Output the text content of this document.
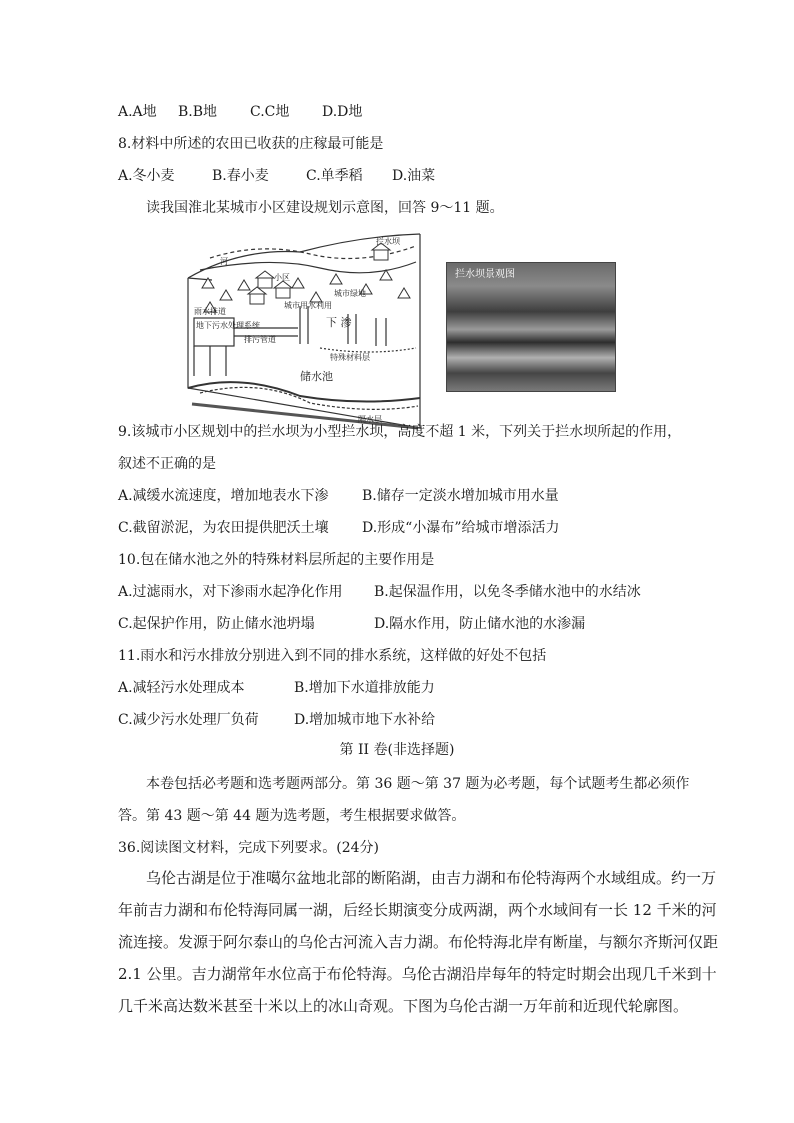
A.A地 B.B地 C.C地 D.D地
8.材料中所述的农田已收获的庄稼最可能是
A.冬小麦	B.春小麦	C.单季稻 D.油菜
读我国淮北某城市小区建设规划示意图，回答 9～11 题。
河
拦水坝
小区
城市绿地
城市用水利用
雨水排道
地下污水处理系统
排污管道
下 渗
特殊材料层
储水池
隔水层
拦水坝景观图
9.该城市小区规划中的拦水坝为小型拦水坝，高度不超 1 米，下列关于拦水坝所起的作用，
叙述不正确的是
A.减缓水流速度，增加地表水下渗 B.储存一定淡水增加城市用水量
C.截留淤泥，为农田提供肥沃土壤 D.形成“小瀑布”给城市增添活力
10.包在储水池之外的特殊材料层所起的主要作用是
A.过滤雨水，对下渗雨水起净化作用 B.起保温作用，以免冬季储水池中的水结冰
C.起保护作用，防止储水池坍塌	D.隔水作用，防止储水池的水渗漏
11.雨水和污水排放分别进入到不同的排水系统，这样做的好处不包括
A.减轻污水处理成本	B.增加下水道排放能力
C.减少污水处理厂负荷	D.增加城市地下水补给
第 II 卷(非选择题)
本卷包括必考题和选考题两部分。第 36 题～第 37 题为必考题，每个试题考生都必须作
答。第 43 题～第 44 题为选考题，考生根据要求做答。
36.阅读图文材料，完成下列要求。(24分)
乌伦古湖是位于准噶尔盆地北部的断陷湖，由吉力湖和布伦特海两个水域组成。约一万
年前吉力湖和布伦特海同属一湖，后经长期演变分成两湖，两个水域间有一长 12 千米的河
流连接。发源于阿尔泰山的乌伦古河流入吉力湖。布伦特海北岸有断崖，与额尔齐斯河仅距
2.1 公里。吉力湖常年水位高于布伦特海。乌伦古湖沿岸每年的特定时期会出现几千米到十
几千米高达数米甚至十米以上的冰山奇观。下图为乌伦古湖一万年前和近现代轮廓图。
